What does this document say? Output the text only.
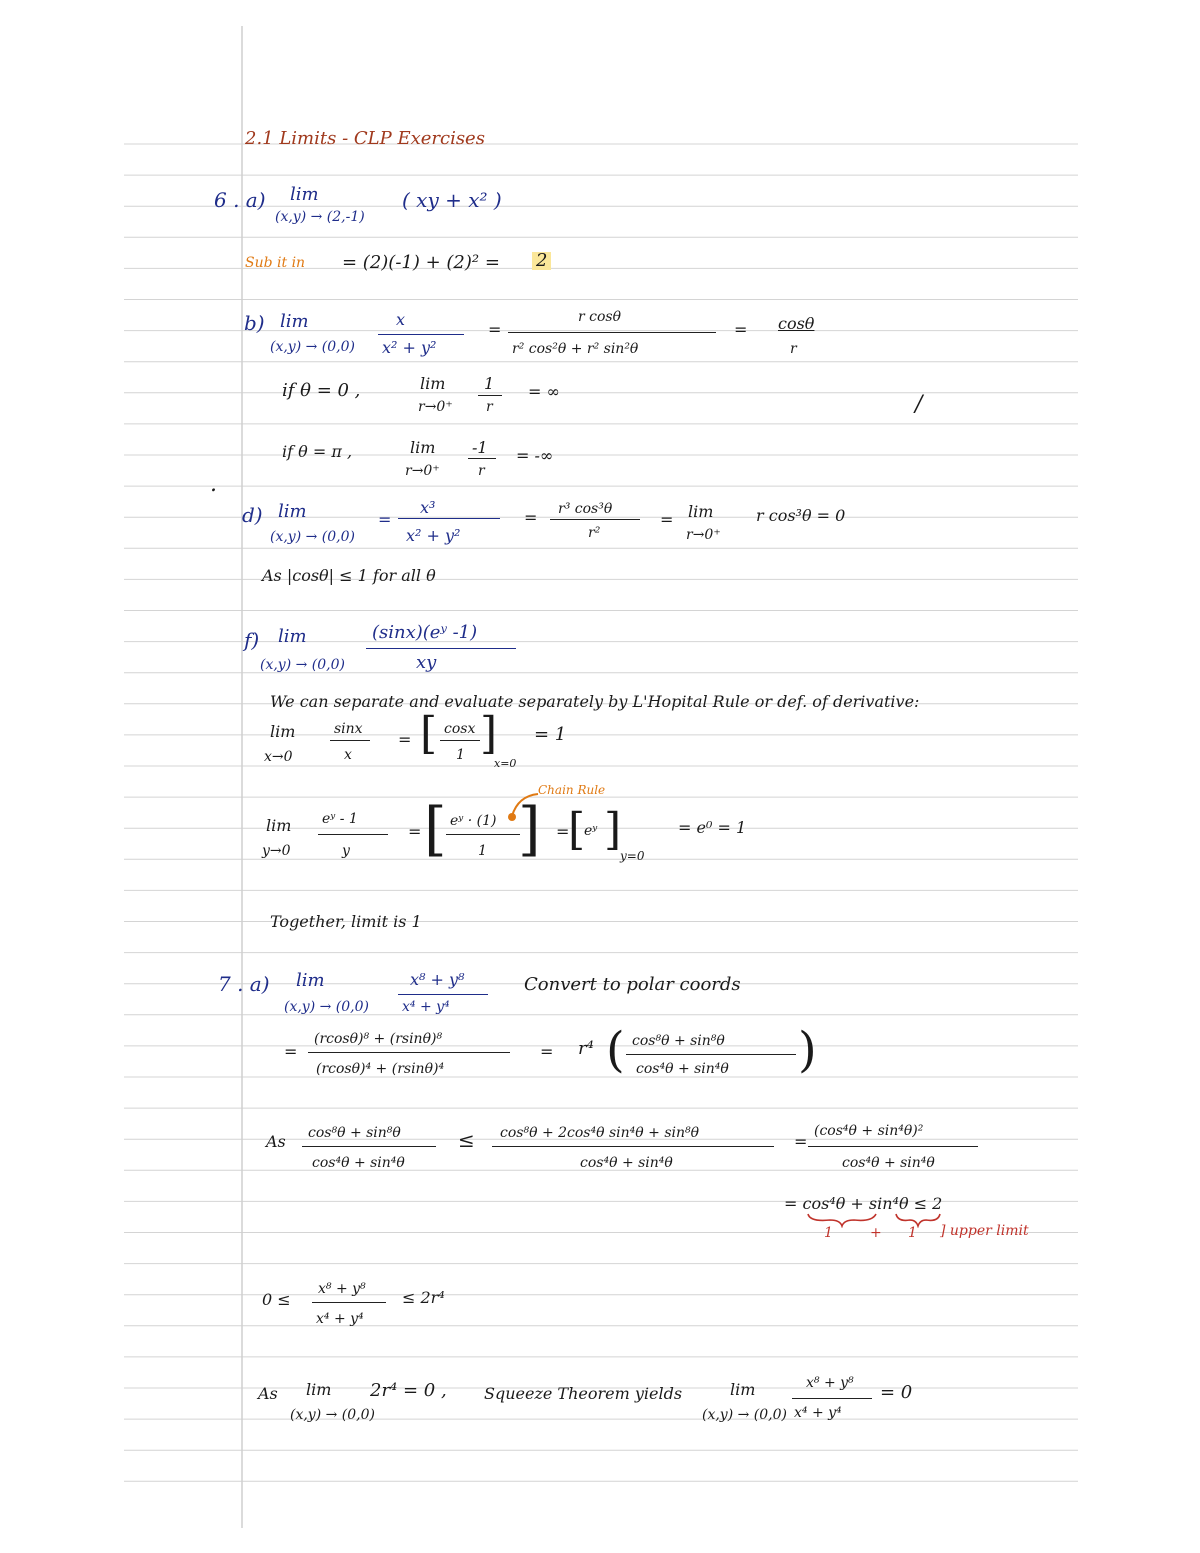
2.1 Limits - CLP Exercises
6 . a) lim
(x,y) → (2,-1)
( xy + x² )
Sub it in = (2)(-1) + (2)² = 2
b) lim
(x,y) → (0,0)
x
x² + y²
=
r cosθ
r² cos²θ + r² sin²θ
= cosθ
r
if θ = 0 ,	lim
r→0⁺
1
r
= ∞
/
if θ = π ,	lim
r→0⁺
-1
r
= -∞
.
d) lim
(x,y) → (0,0)
=
x³
x² + y²
= r³ cos³θ
r²
= lim
r→0⁺
r cos³θ = 0
As |cosθ| ≤ 1 for all θ
f) lim
(x,y) → (0,0)
(sinx)(eʸ -1)
xy
We can separate and evaluate separately by L'Hopital Rule or def. of derivative:
lim
x→0
sinx
x
= [ cosx
1 ]
x=0
= 1
Chain Rule
lim
y→0
eʸ - 1
y
= [ eʸ · (1)
1 ] =
[
eʸ ]
y=0
= e⁰ = 1
Together, limit is 1
7 . a) lim
(x,y) → (0,0)
x⁸ + y⁸
x⁴ + y⁴
Convert to polar coords
=
(rcosθ)⁸ + (rsinθ)⁸
(rcosθ)⁴ + (rsinθ)⁴
= r⁴ ( cos⁸θ + sin⁸θ
cos⁴θ + sin⁴θ )
As cos⁸θ + sin⁸θ
cos⁴θ + sin⁴θ
≤ cos⁸θ + 2cos⁴θ sin⁴θ + sin⁸θ
cos⁴θ + sin⁴θ
=
(cos⁴θ + sin⁴θ)²
cos⁴θ + sin⁴θ
= cos⁴θ + sin⁴θ ≤ 2
1	+ 1 ] upper limit
0 ≤
x⁸ + y⁸
x⁴ + y⁴
≤ 2r⁴
As lim
(x,y) → (0,0)
2r⁴ = 0 , Squeeze Theorem yields	lim
(x,y) → (0,0)
x⁸ + y⁸
x⁴ + y⁴
= 0
